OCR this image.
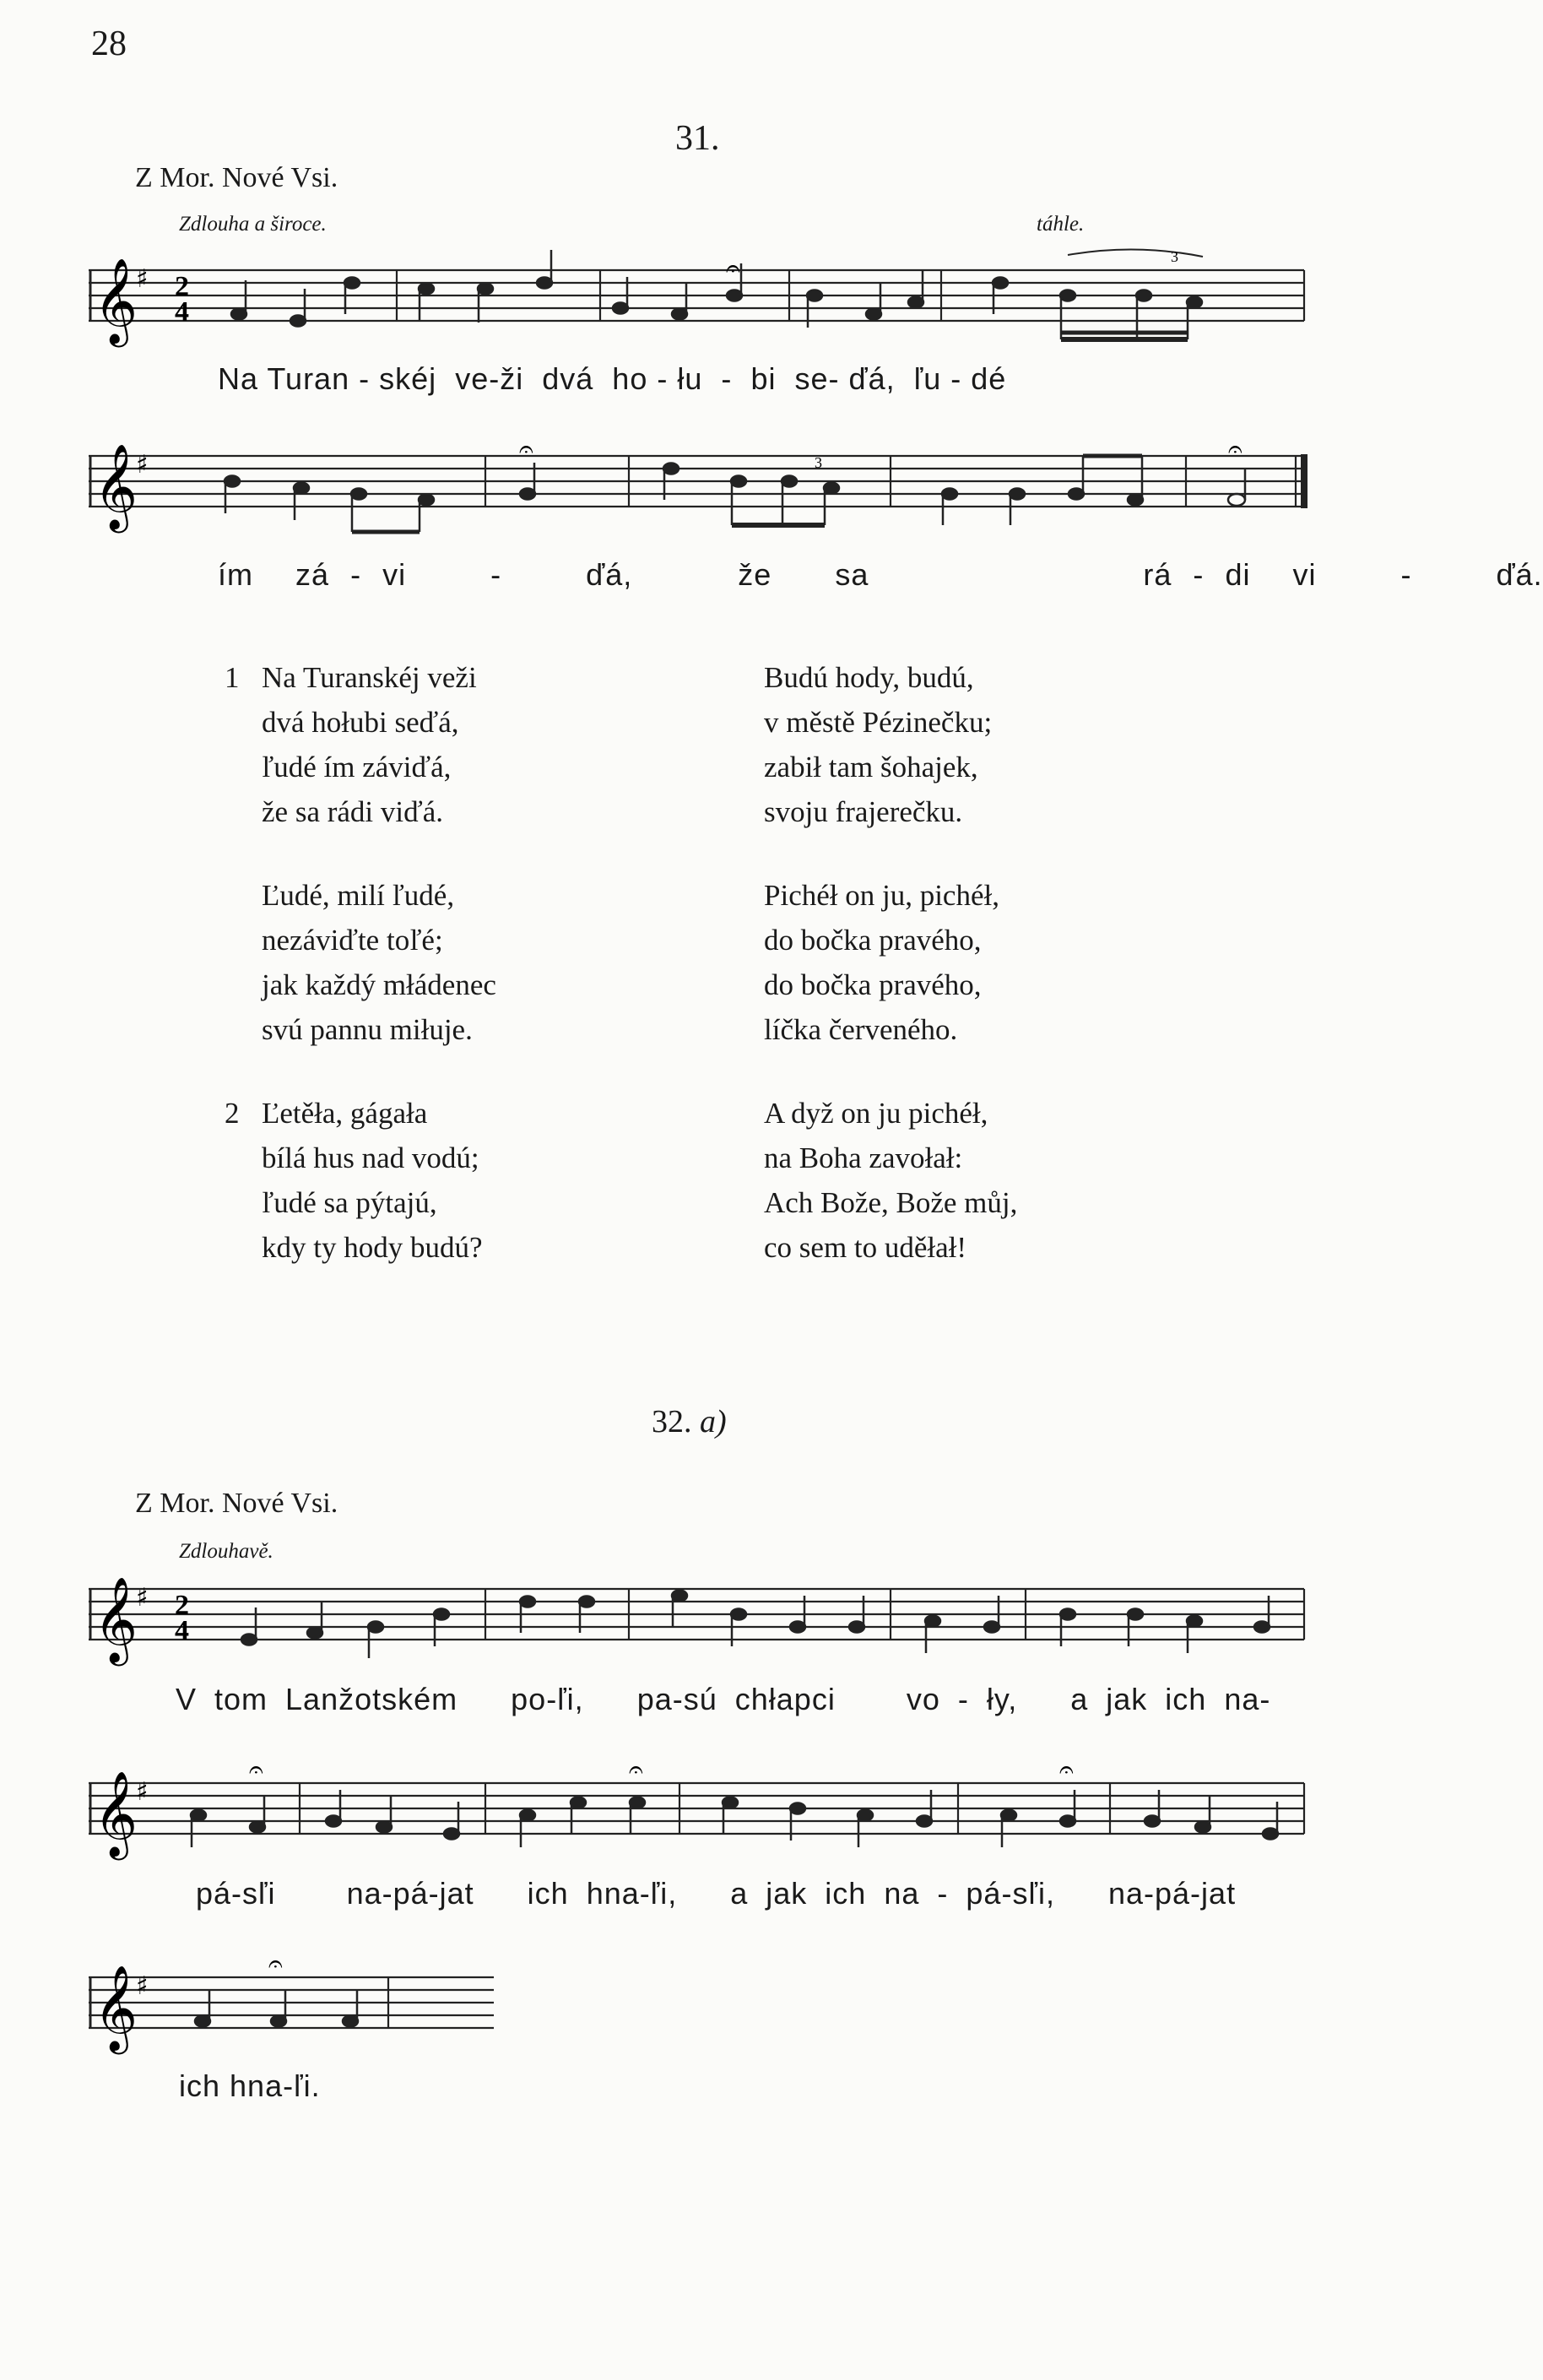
28
31.
Z Mor. Nové Vsi.
Zdlouha a široce.	táhle.
𝄞
♯ 2
4
𝄐	3
Na Turan - skéj ve-ži dvá ho - łu - bi se- ďá, ľu - dé
𝄞
♯
𝄐	𝄐
3
ím zá - vi	-	ďá,	že sa	rá - di vi	-	ďá.
1 Na Turanskéj veži
dvá hołubi seďá,
ľudé ím záviďá,
že sa rádi viďá.
Ľudé, milí ľudé,
nezáviďte toľé;
jak každý młádenec
svú pannu miłuje.
2 Ľetěła, gágała
bílá hus nad vodú;
ľudé sa pýtajú,
kdy ty hody budú?
Budú hody, budú,
v městě Pézinečku;
zabił tam šohajek,
svoju frajerečku.
Pichéł on ju, pichéł,
do bočka pravého,
do bočka pravého,
líčka červeného.
A dyž on ju pichéł,
na Boha zavołał:
Ach Bože, Bože můj,
co sem to uděłał!
32. a)
Z Mor. Nové Vsi.
Zdlouhavě.
𝄞
♯ 2
4
V tom Lanžotském po-ľi, pa-sú chłapci vo - ły, a jak ich na-
𝄞
♯
𝄐	𝄐	𝄐
pá-sľi na-pá-jat ich hna-ľi, a jak ich na - pá-sľi, na-pá-jat
𝄞
♯
𝄐
ich hna-ľi.
